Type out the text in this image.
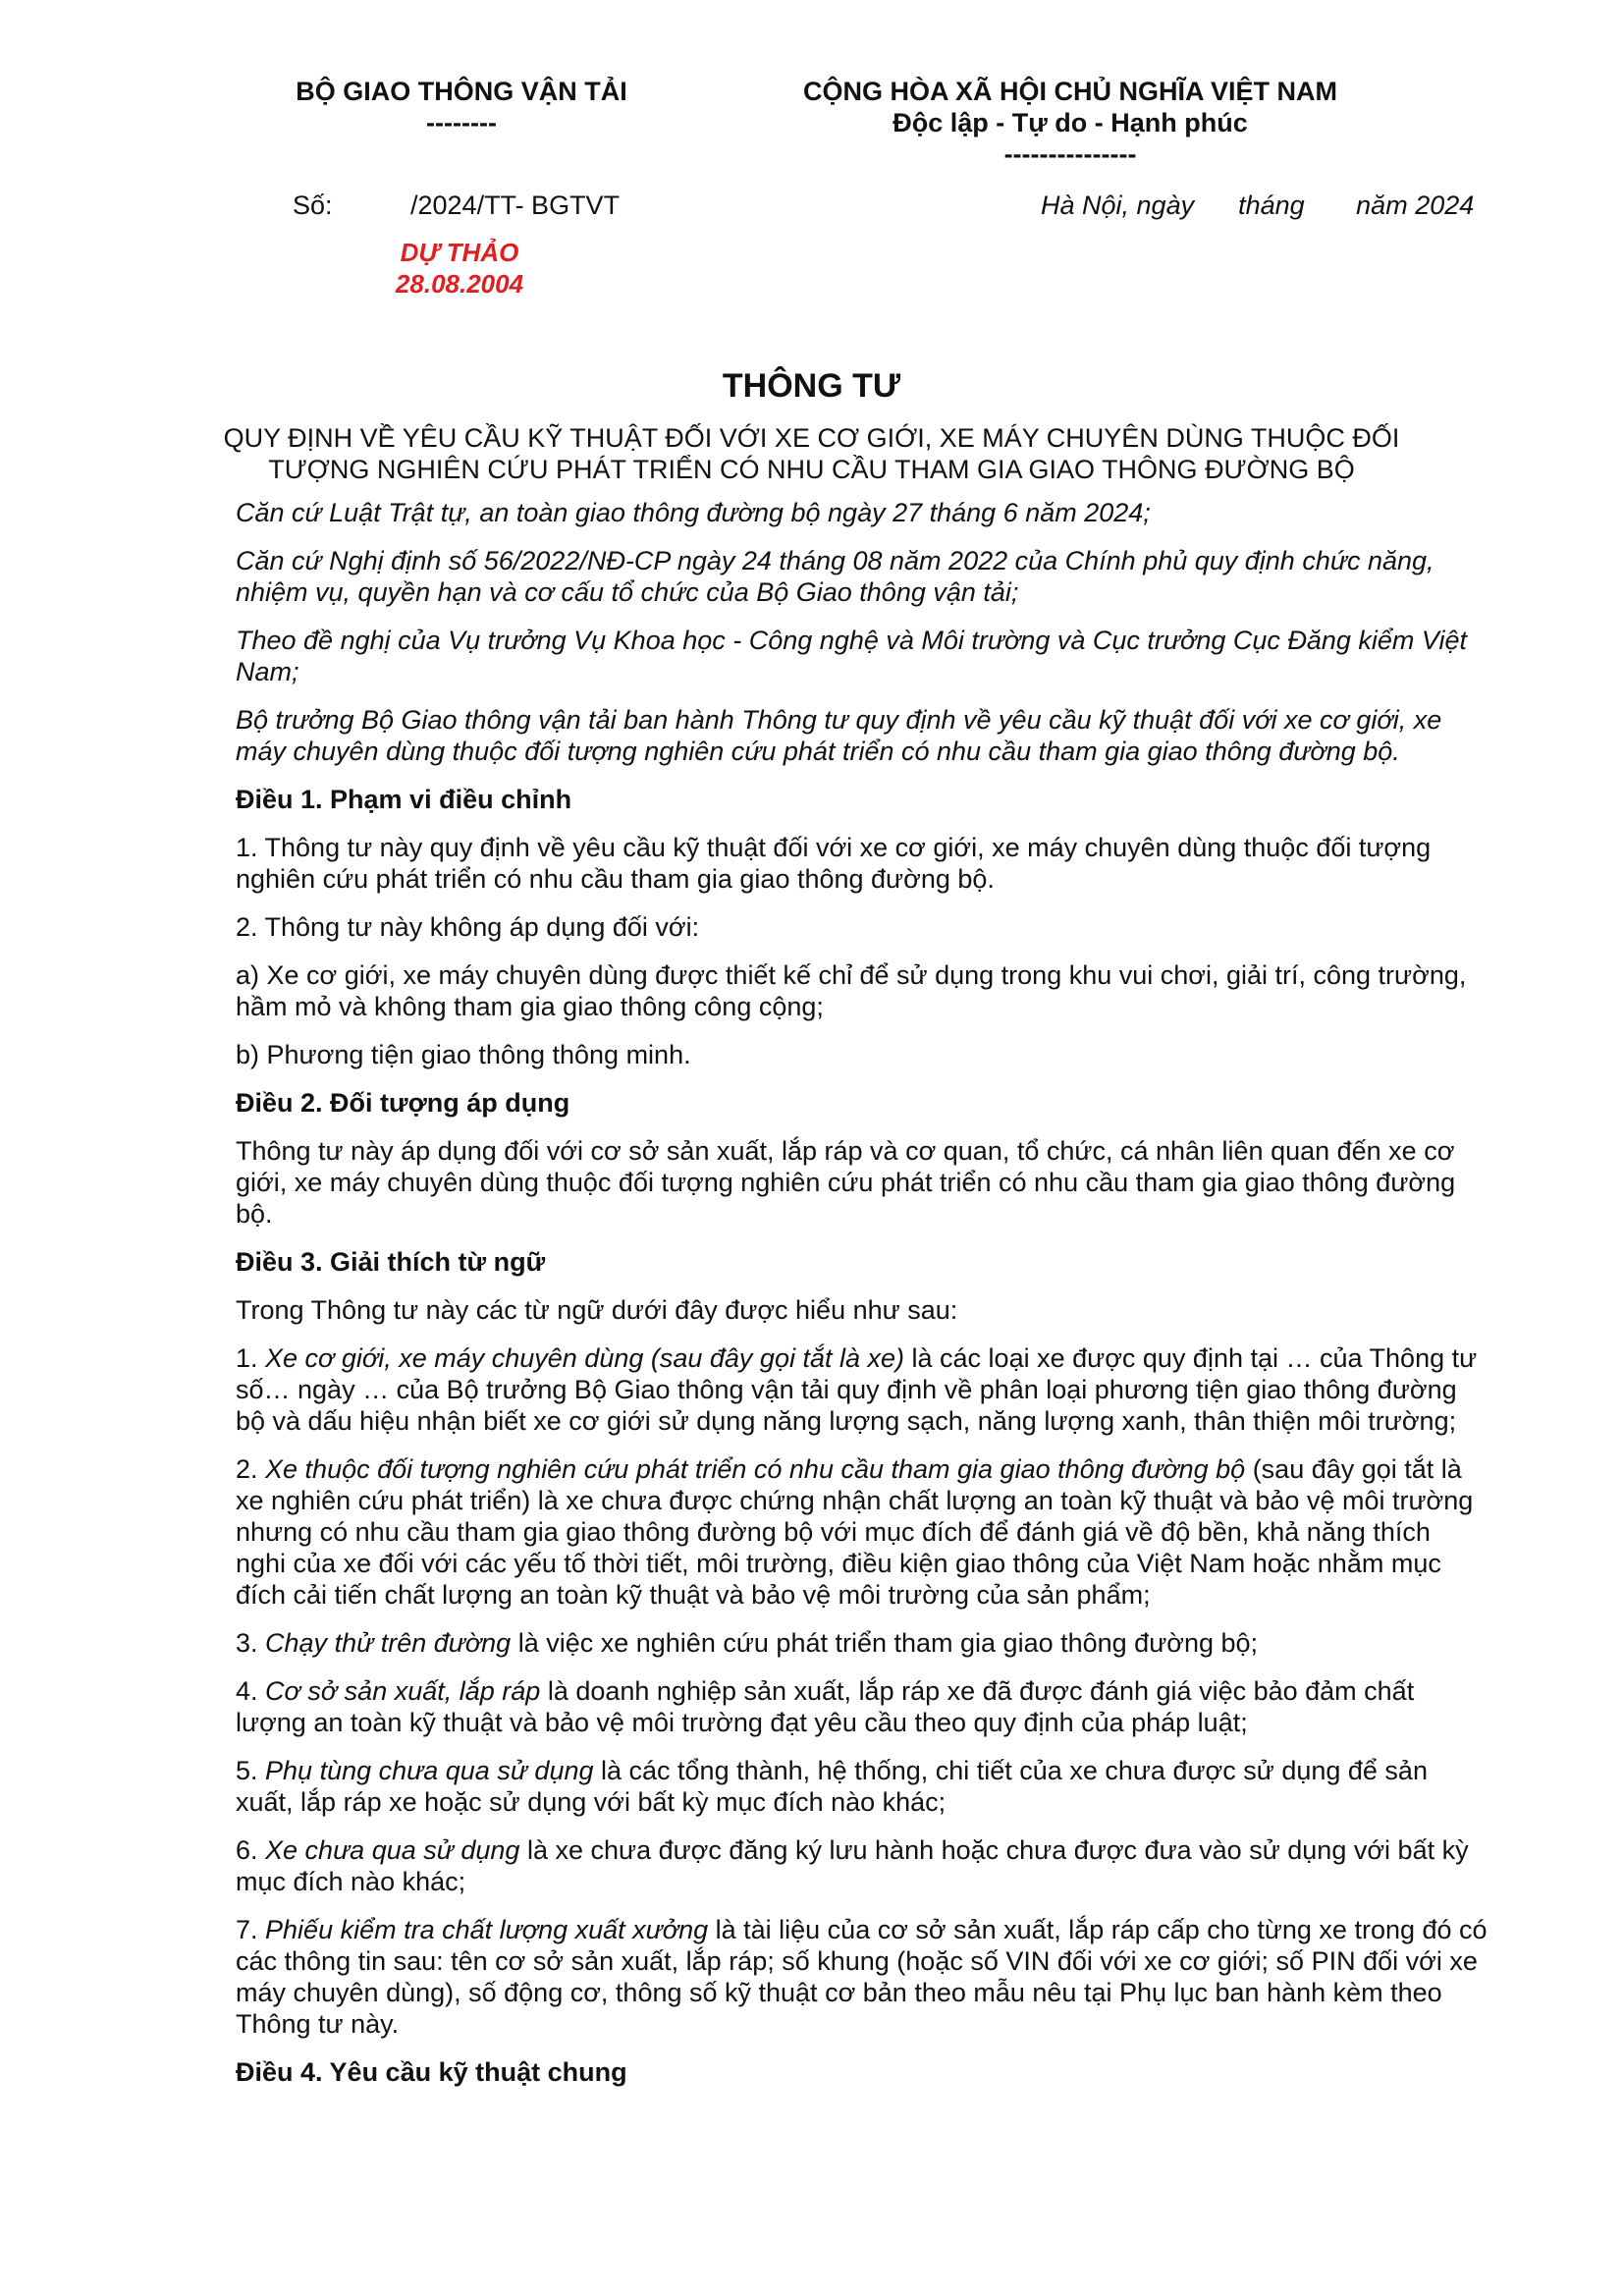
BỘ GIAO THÔNG VẬN TẢI
--------
CỘNG HÒA XÃ HỘI CHỦ NGHĨA VIỆT NAM
Độc lập - Tự do - Hạnh phúc
---------------
Số:	/2024/TT- BGTVT	Hà Nội, ngày      tháng       năm 2024
DỰ THẢO
28.08.2004
THÔNG TƯ
QUY ĐỊNH VỀ YÊU CẦU KỸ THUẬT ĐỐI VỚI XE CƠ GIỚI, XE MÁY CHUYÊN DÙNG THUỘC ĐỐI
TƯỢNG NGHIÊN CỨU PHÁT TRIỂN CÓ NHU CẦU THAM GIA GIAO THÔNG ĐƯỜNG BỘ

Căn cứ Luật Trật tự, an toàn giao thông đường bộ ngày 27 tháng 6 năm 2024;

Căn cứ Nghị định số 56/2022/NĐ-CP ngày 24 tháng 08 năm 2022 của Chính phủ quy định chức năng, nhiệm vụ, quyền hạn và cơ cấu tổ chức của Bộ Giao thông vận tải;

Theo đề nghị của Vụ trưởng Vụ Khoa học - Công nghệ và Môi trường và Cục trưởng Cục Đăng kiểm Việt Nam;

Bộ trưởng Bộ Giao thông vận tải ban hành Thông tư quy định về yêu cầu kỹ thuật đối với xe cơ giới, xe máy chuyên dùng thuộc đối tượng nghiên cứu phát triển có nhu cầu tham gia giao thông đường bộ.

Điều 1. Phạm vi điều chỉnh

1. Thông tư này quy định về yêu cầu kỹ thuật đối với xe cơ giới, xe máy chuyên dùng thuộc đối tượng nghiên cứu phát triển có nhu cầu tham gia giao thông đường bộ.

2. Thông tư này không áp dụng đối với:

a) Xe cơ giới, xe máy chuyên dùng được thiết kế chỉ để sử dụng trong khu vui chơi, giải trí, công trường, hầm mỏ và không tham gia giao thông công cộng;

b) Phương tiện giao thông thông minh.

Điều 2. Đối tượng áp dụng

Thông tư này áp dụng đối với cơ sở sản xuất, lắp ráp và cơ quan, tổ chức, cá nhân liên quan đến xe cơ giới, xe máy chuyên dùng thuộc đối tượng nghiên cứu phát triển có nhu cầu tham gia giao thông đường bộ.

Điều 3. Giải thích từ ngữ

Trong Thông tư này các từ ngữ dưới đây được hiểu như sau:

1. Xe cơ giới, xe máy chuyên dùng (sau đây gọi tắt là xe) là các loại xe được quy định tại … của Thông tư số… ngày … của Bộ trưởng Bộ Giao thông vận tải quy định về phân loại phương tiện giao thông đường bộ và dấu hiệu nhận biết xe cơ giới sử dụng năng lượng sạch, năng lượng xanh, thân thiện môi trường;

2. Xe thuộc đối tượng nghiên cứu phát triển có nhu cầu tham gia giao thông đường bộ (sau đây gọi tắt là xe nghiên cứu phát triển) là xe chưa được chứng nhận chất lượng an toàn kỹ thuật và bảo vệ môi trường nhưng có nhu cầu tham gia giao thông đường bộ với mục đích để đánh giá về độ bền, khả năng thích nghi của xe đối với các yếu tố thời tiết, môi trường, điều kiện giao thông của Việt Nam hoặc nhằm mục đích cải tiến chất lượng an toàn kỹ thuật và bảo vệ môi trường của sản phẩm;

3. Chạy thử trên đường là việc xe nghiên cứu phát triển tham gia giao thông đường bộ;

4. Cơ sở sản xuất, lắp ráp là doanh nghiệp sản xuất, lắp ráp xe đã được đánh giá việc bảo đảm chất lượng an toàn kỹ thuật và bảo vệ môi trường đạt yêu cầu theo quy định của pháp luật;

5. Phụ tùng chưa qua sử dụng là các tổng thành, hệ thống, chi tiết của xe chưa được sử dụng để sản xuất, lắp ráp xe hoặc sử dụng với bất kỳ mục đích nào khác;

6. Xe chưa qua sử dụng là xe chưa được đăng ký lưu hành hoặc chưa được đưa vào sử dụng với bất kỳ mục đích nào khác;

7. Phiếu kiểm tra chất lượng xuất xưởng là tài liệu của cơ sở sản xuất, lắp ráp cấp cho từng xe trong đó có các thông tin sau: tên cơ sở sản xuất, lắp ráp; số khung (hoặc số VIN đối với xe cơ giới; số PIN đối với xe máy chuyên dùng), số động cơ, thông số kỹ thuật cơ bản theo mẫu nêu tại Phụ lục ban hành kèm theo Thông tư này.

Điều 4. Yêu cầu kỹ thuật chung
